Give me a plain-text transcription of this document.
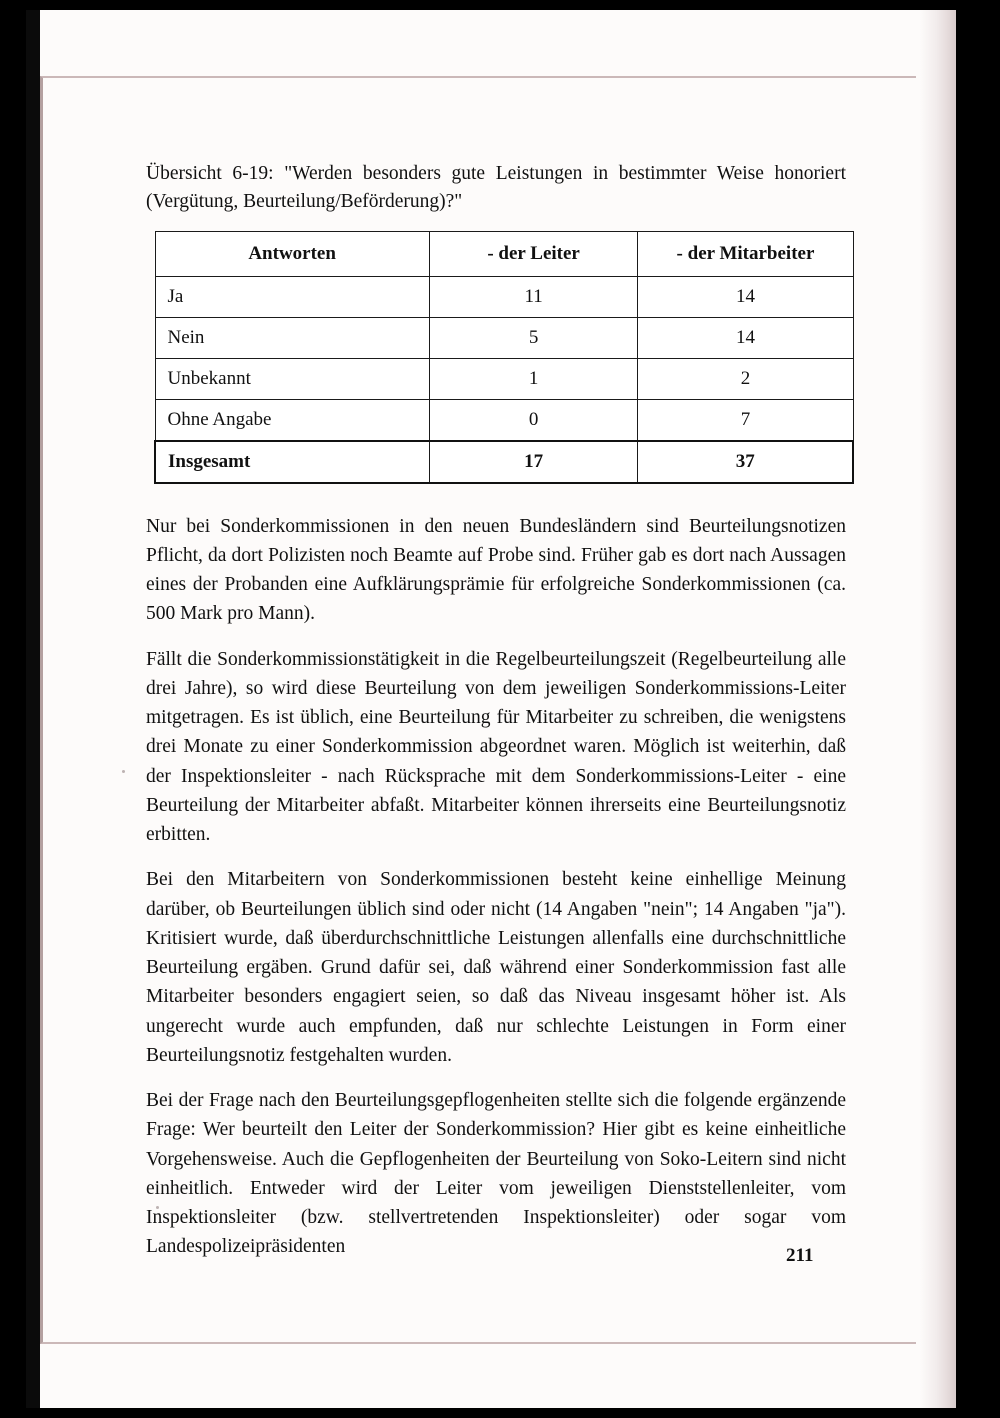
Übersicht 6-19: "Werden besonders gute Leistungen in bestimmter Weise honoriert (Vergütung, Beurteilung/Beförderung)?"
Antworten	- der Leiter	- der Mitarbeiter
Ja	11	14
Nein	5	14
Unbekannt	1	2
Ohne Angabe	0	7
Insgesamt	17	37

Nur bei Sonderkommissionen in den neuen Bundesländern sind Beurteilungsnotizen Pflicht, da dort Polizisten noch Beamte auf Probe sind. Früher gab es dort nach Aussagen eines der Probanden eine Aufklärungsprämie für erfolgreiche Sonderkommissionen (ca. 500 Mark pro Mann).

Fällt die Sonderkommissionstätigkeit in die Regelbeurteilungszeit (Regelbeurteilung alle drei Jahre), so wird diese Beurteilung von dem jeweiligen Sonderkommissions-Leiter mitgetragen. Es ist üblich, eine Beurteilung für Mitarbeiter zu schreiben, die wenigstens drei Monate zu einer Sonderkommission abgeordnet waren. Möglich ist weiterhin, daß der Inspektionsleiter - nach Rücksprache mit dem Sonderkommissions-Leiter - eine Beurteilung der Mitarbeiter abfaßt. Mitarbeiter können ihrerseits eine Beurteilungsnotiz erbitten.

Bei den Mitarbeitern von Sonderkommissionen besteht keine einhellige Meinung darüber, ob Beurteilungen üblich sind oder nicht (14 Angaben "nein"; 14 Angaben "ja"). Kritisiert wurde, daß überdurchschnittliche Leistungen allenfalls eine durchschnittliche Beurteilung ergäben. Grund dafür sei, daß während einer Sonderkommission fast alle Mitarbeiter besonders engagiert seien, so daß das Niveau insgesamt höher ist. Als ungerecht wurde auch empfunden, daß nur schlechte Leistungen in Form einer Beurteilungsnotiz festgehalten wurden.

Bei der Frage nach den Beurteilungsgepflogenheiten stellte sich die folgende ergänzende Frage: Wer beurteilt den Leiter der Sonderkommission? Hier gibt es keine einheitliche Vorgehensweise. Auch die Gepflogenheiten der Beurteilung von Soko-Leitern sind nicht einheitlich. Entweder wird der Leiter vom jeweiligen Dienststellenleiter, vom Inspektionsleiter (bzw. stellvertretenden Inspektionsleiter) oder sogar vom Landespolizeipräsidenten	211
